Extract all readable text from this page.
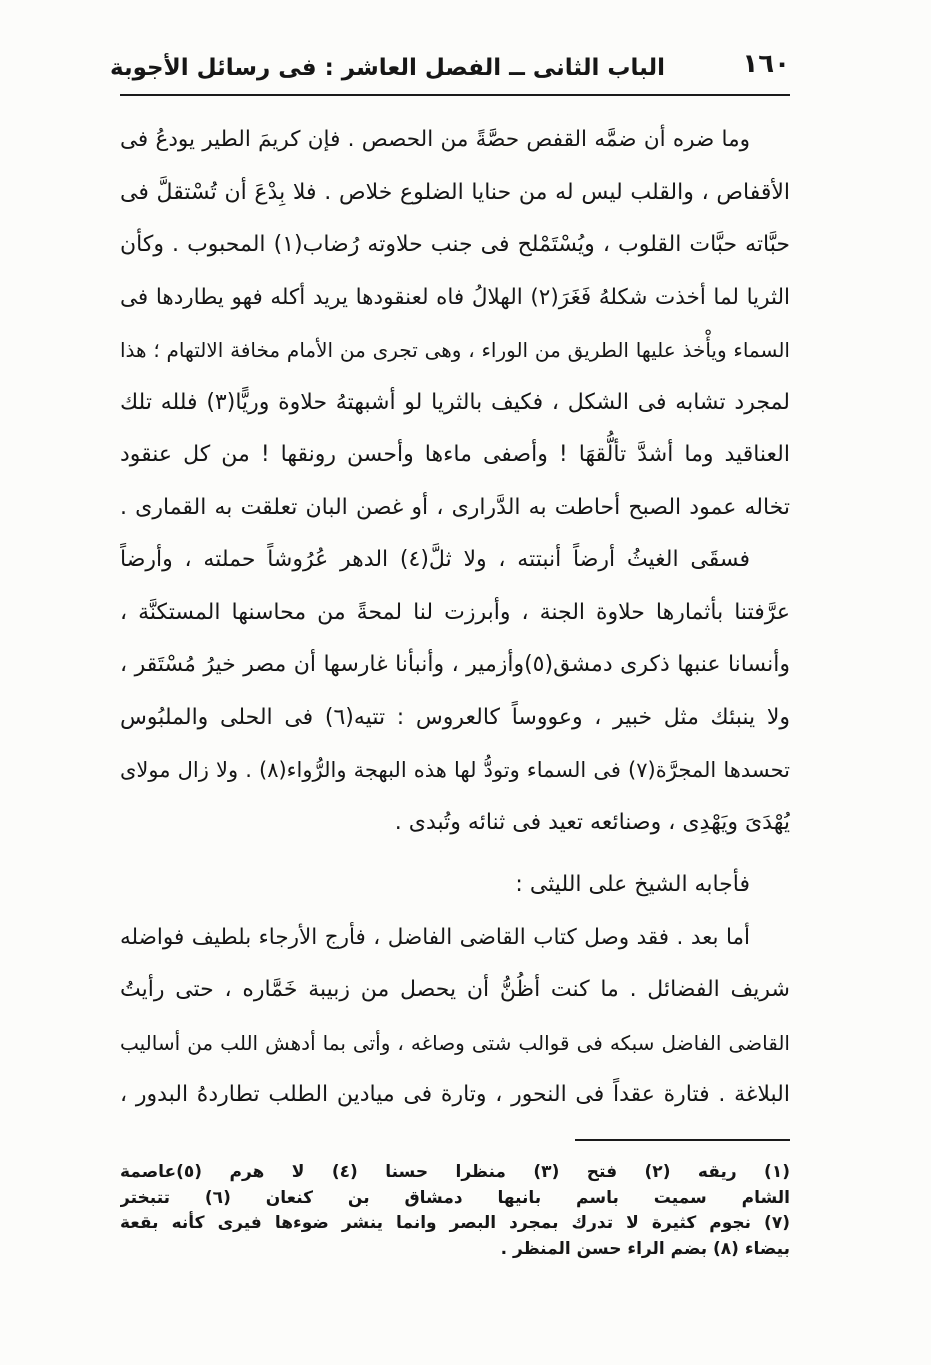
١٦٠
الباب الثانى ــ الفصل العاشر : فى رسائل الأجوبة
وما ضره أن ضمَّه القفص حصَّةً من الحصص . فإن كريمَ الطير يودعُ فى
الأقفاص ، والقلب ليس له من حنايا الضلوع خلاص . فلا بِدْعَ أن تُسْتقلَّ فى
حبَّاته حبَّات القلوب ، ويُسْتَمْلح فى جنب حلاوته رُضاب(١) المحبوب . وكأن
الثريا لما أخذت شكلهُ فَغَرَ(٢) الهلالُ فاه لعنقودها يريد أكله فهو يطاردها فى
السماء ويأْخذ عليها الطريق من الوراء ، وهى تجرى من الأمام مخافة الالتهام ؛ هذا
لمجرد تشابه فى الشكل ، فكيف بالثريا لو أشبهتهُ حلاوة وريًّا(٣) فلله تلك
العناقيد وما أشدَّ تألُّقهَا ! وأصفى ماءها وأحسن رونقها ! من كل عنقود
تخاله عمود الصبح أحاطت به الدَّرارى ، أو غصن البان تعلقت به القمارى .
فسقَى الغيثُ أرضاً أنبتته ، ولا ثلَّ(٤) الدهر عُرُوشاً حملته ، وأرضاً
عرَّفتنا بأثمارها حلاوة الجنة ، وأبرزت لنا لمحةً من محاسنها المستكنَّة ،
وأنسانا عنبها ذكرى دمشق(٥)وأزمير ، وأنبأنا غارسها أن مصر خيرُ مُسْتَقر ،
ولا ينبئك مثل خبير ، وعووساً كالعروس : تتيه(٦) فى الحلى والملبُوس
تحسدها المجرَّة(٧) فى السماء وتودُّ لها هذه البهجة والرُّواء(٨) . ولا زال مولاى
يُهْدَىَ ويَهْدِى ، وصنائعه تعيد فى ثنائه وتُبدى .
فأجابه الشيخ على الليثى :
أما بعد . فقد وصل كتاب القاضى الفاضل ، فأرج الأرجاء بلطيف فواضله
شريف الفضائل . ما كنت أظُنُّ أن يحصل من زبيبة خَمَّاره ، حتى رأيتُ
القاضى الفاضل سبكه فى قوالب شتى وصاغه ، وأتى بما أدهش اللب من أساليب
البلاغة . فتارة عقداً فى النحور ، وتارة فى ميادين الطلب تطاردهُ البدور ،
(١) ريقه (٢) فتح (٣) منظرا حسنا (٤) لا هرم (٥)عاصمة
الشام سميت باسم بانيها دمشاق بن كنعان (٦) تتبختر
(٧) نجوم كثيرة لا تدرك بمجرد البصر وانما ينشر ضوءها فيرى كأنه بقعة
بيضاء (٨) بضم الراء حسن المنظر .
